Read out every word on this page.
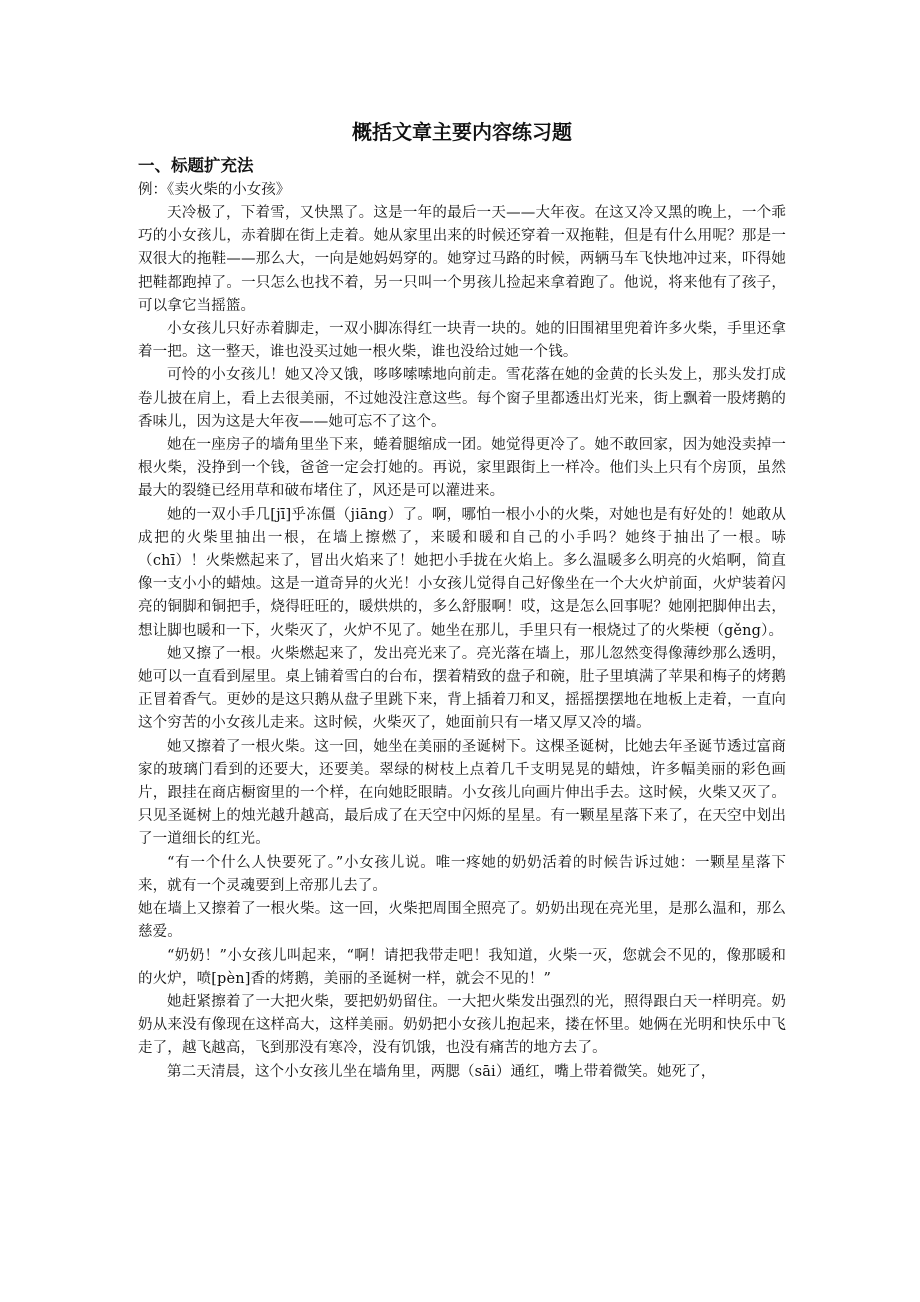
概括文章主要内容练习题
一、标题扩充法

例：《卖火柴的小女孩》

天冷极了，下着雪，又快黑了。这是一年的最后一天——大年夜。在这又冷又黑的晚上，一个乖巧的小女孩儿，赤着脚在街上走着。她从家里出来的时候还穿着一双拖鞋，但是有什么用呢？那是一双很大的拖鞋——那么大，一向是她妈妈穿的。她穿过马路的时候，两辆马车飞快地冲过来，吓得她把鞋都跑掉了。一只怎么也找不着，另一只叫一个男孩儿捡起来拿着跑了。他说，将来他有了孩子，可以拿它当摇篮。

小女孩儿只好赤着脚走，一双小脚冻得红一块青一块的。她的旧围裙里兜着许多火柴，手里还拿着一把。这一整天，谁也没买过她一根火柴，谁也没给过她一个钱。

可怜的小女孩儿！她又冷又饿，哆哆嗦嗦地向前走。雪花落在她的金黄的长头发上，那头发打成卷儿披在肩上，看上去很美丽，不过她没注意这些。每个窗子里都透出灯光来，街上飘着一股烤鹅的香味儿，因为这是大年夜——她可忘不了这个。

她在一座房子的墙角里坐下来，蜷着腿缩成一团。她觉得更冷了。她不敢回家，因为她没卖掉一根火柴，没挣到一个钱，爸爸一定会打她的。再说，家里跟街上一样冷。他们头上只有个房顶，虽然最大的裂缝已经用草和破布堵住了，风还是可以灌进来。

她的一双小手几[jī]乎冻僵（jiāng）了。啊，哪怕一根小小的火柴，对她也是有好处的！她敢从成把的火柴里抽出一根，在墙上擦燃了，来暖和暖和自己的小手吗？她终于抽出了一根。哧（chī）！火柴燃起来了，冒出火焰来了！她把小手拢在火焰上。多么温暖多么明亮的火焰啊，简直像一支小小的蜡烛。这是一道奇异的火光！小女孩儿觉得自己好像坐在一个大火炉前面，火炉装着闪亮的铜脚和铜把手，烧得旺旺的，暖烘烘的，多么舒服啊！哎，这是怎么回事呢？她刚把脚伸出去，想让脚也暖和一下，火柴灭了，火炉不见了。她坐在那儿，手里只有一根烧过了的火柴梗（gěng）。

她又擦了一根。火柴燃起来了，发出亮光来了。亮光落在墙上，那儿忽然变得像薄纱那么透明，她可以一直看到屋里。桌上铺着雪白的台布，摆着精致的盘子和碗，肚子里填满了苹果和梅子的烤鹅正冒着香气。更妙的是这只鹅从盘子里跳下来，背上插着刀和叉，摇摇摆摆地在地板上走着，一直向这个穷苦的小女孩儿走来。这时候，火柴灭了，她面前只有一堵又厚又冷的墙。

她又擦着了一根火柴。这一回，她坐在美丽的圣诞树下。这棵圣诞树，比她去年圣诞节透过富商家的玻璃门看到的还要大，还要美。翠绿的树枝上点着几千支明晃晃的蜡烛，许多幅美丽的彩色画片，跟挂在商店橱窗里的一个样，在向她眨眼睛。小女孩儿向画片伸出手去。这时候，火柴又灭了。只见圣诞树上的烛光越升越高，最后成了在天空中闪烁的星星。有一颗星星落下来了，在天空中划出了一道细长的红光。

“有一个什么人快要死了。”小女孩儿说。唯一疼她的奶奶活着的时候告诉过她：一颗星星落下来，就有一个灵魂要到上帝那儿去了。

她在墙上又擦着了一根火柴。这一回，火柴把周围全照亮了。奶奶出现在亮光里，是那么温和，那么慈爱。

“奶奶！”小女孩儿叫起来，“啊！请把我带走吧！我知道，火柴一灭，您就会不见的，像那暖和的火炉，喷[pèn]香的烤鹅，美丽的圣诞树一样，就会不见的！”

她赶紧擦着了一大把火柴，要把奶奶留住。一大把火柴发出强烈的光，照得跟白天一样明亮。奶奶从来没有像现在这样高大，这样美丽。奶奶把小女孩儿抱起来，搂在怀里。她俩在光明和快乐中飞走了，越飞越高，飞到那没有寒冷，没有饥饿，也没有痛苦的地方去了。

第二天清晨，这个小女孩儿坐在墙角里，两腮（sāi）通红，嘴上带着微笑。她死了，
